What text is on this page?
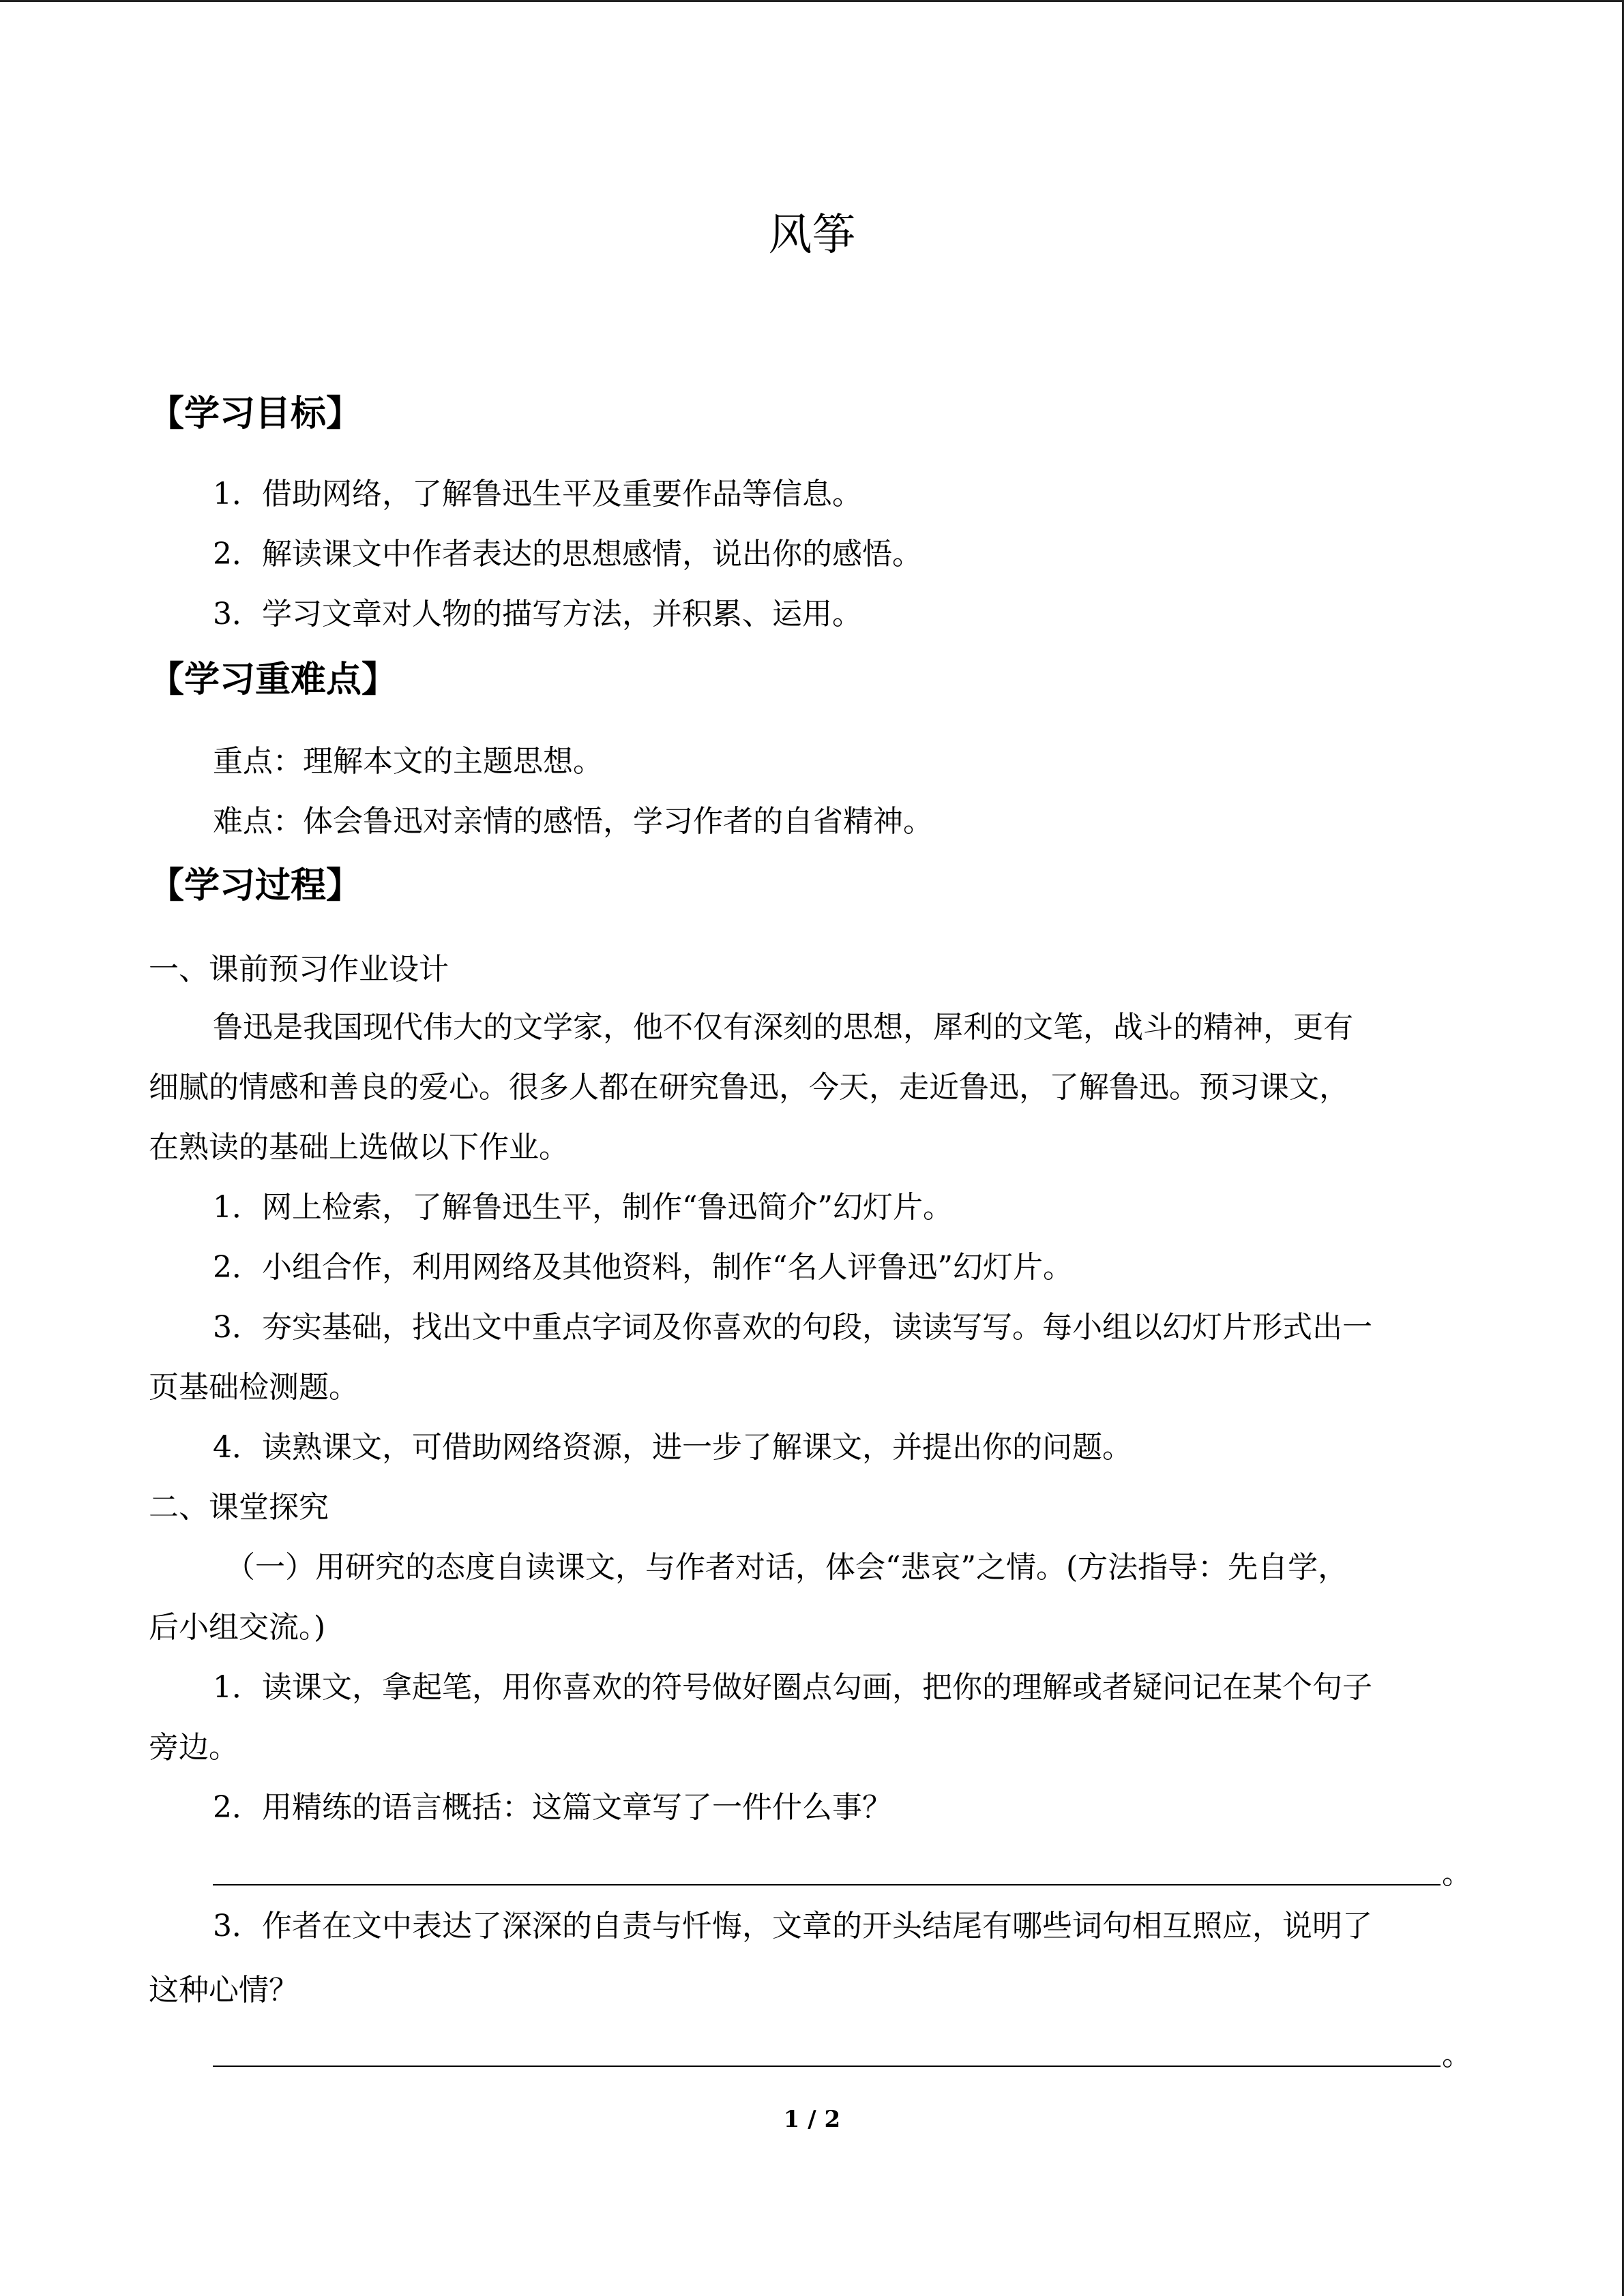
风筝
【学习目标】
1．借助网络，了解鲁迅生平及重要作品等信息。
2．解读课文中作者表达的思想感情，说出你的感悟。
3．学习文章对人物的描写方法，并积累、运用。
【学习重难点】
重点：理解本文的主题思想。
难点：体会鲁迅对亲情的感悟，学习作者的自省精神。
【学习过程】
一、课前预习作业设计
鲁迅是我国现代伟大的文学家，他不仅有深刻的思想，犀利的文笔，战斗的精神，更有
细腻的情感和善良的爱心。很多人都在研究鲁迅，今天，走近鲁迅，了解鲁迅。预习课文，
在熟读的基础上选做以下作业。
1．网上检索，了解鲁迅生平，制作“鲁迅简介”幻灯片。
2．小组合作，利用网络及其他资料，制作“名人评鲁迅”幻灯片。
3．夯实基础，找出文中重点字词及你喜欢的句段，读读写写。每小组以幻灯片形式出一
页基础检测题。
4．读熟课文，可借助网络资源，进一步了解课文，并提出你的问题。
二、课堂探究
（一）用研究的态度自读课文，与作者对话，体会“悲哀”之情。(方法指导：先自学，
后小组交流。)
1．读课文，拿起笔，用你喜欢的符号做好圈点勾画，把你的理解或者疑问记在某个句子
旁边。
2．用精练的语言概括：这篇文章写了一件什么事？
。
3．作者在文中表达了深深的自责与忏悔，文章的开头结尾有哪些词句相互照应，说明了
这种心情？
。
1 / 2
